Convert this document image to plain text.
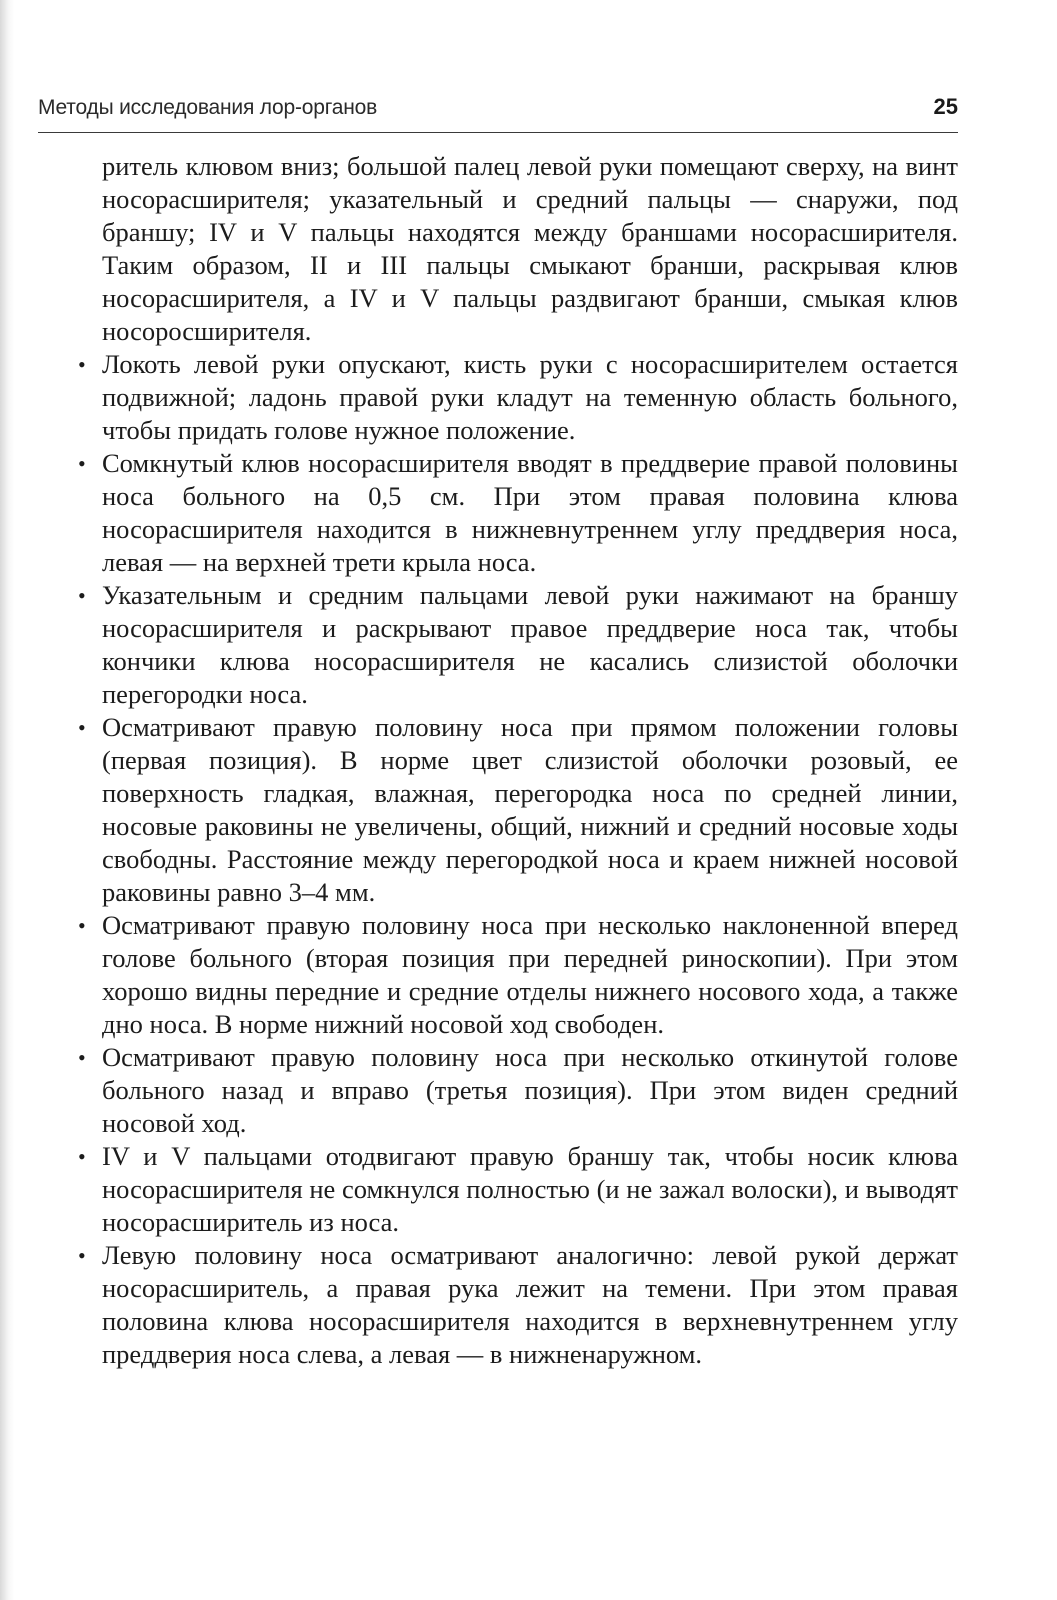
Методы исследования лор-органов	25

ритель клювом вниз; большой палец левой руки помещают сверху, на винт носорасширителя; указательный и средний пальцы — снаружи, под браншу; IV и V пальцы находятся между браншами носорасширителя. Таким образом, II и III пальцы смыкают бранши, раскрывая клюв носорасширителя, а IV и V пальцы раздвигают бранши, смыкая клюв носоросширителя.

• Локоть левой руки опускают, кисть руки с носорасширителем остается подвижной; ладонь правой руки кладут на теменную область больного, чтобы придать голове нужное положение.
• Сомкнутый клюв носорасширителя вводят в преддверие правой половины носа больного на 0,5 см. При этом правая половина клюва носорасширителя находится в нижневнутреннем углу преддверия носа, левая — на верхней трети крыла носа.
• Указательным и средним пальцами левой руки нажимают на браншу носорасширителя и раскрывают правое преддверие носа так, чтобы кончики клюва носорасширителя не касались слизистой оболочки перегородки носа.
• Осматривают правую половину носа при прямом положении головы (первая позиция). В норме цвет слизистой оболочки розовый, ее поверхность гладкая, влажная, перегородка носа по средней линии, носовые раковины не увеличены, общий, нижний и средний носовые ходы свободны. Расстояние между перегородкой носа и краем нижней носовой раковины равно 3–4 мм.
• Осматривают правую половину носа при несколько наклоненной вперед голове больного (вторая позиция при передней риноскопии). При этом хорошо видны передние и средние отделы нижнего носового хода, а также дно носа. В норме нижний носовой ход свободен.
• Осматривают правую половину носа при несколько откинутой голове больного назад и вправо (третья позиция). При этом виден средний носовой ход.
• IV и V пальцами отодвигают правую браншу так, чтобы носик клюва носорасширителя не сомкнулся полностью (и не зажал волоски), и выводят носорасширитель из носа.
• Левую половину носа осматривают аналогично: левой рукой держат носорасширитель, а правая рука лежит на темени. При этом правая половина клюва носорасширителя находится в верхневнутреннем углу преддверия носа слева, а левая — в нижненаружном.
